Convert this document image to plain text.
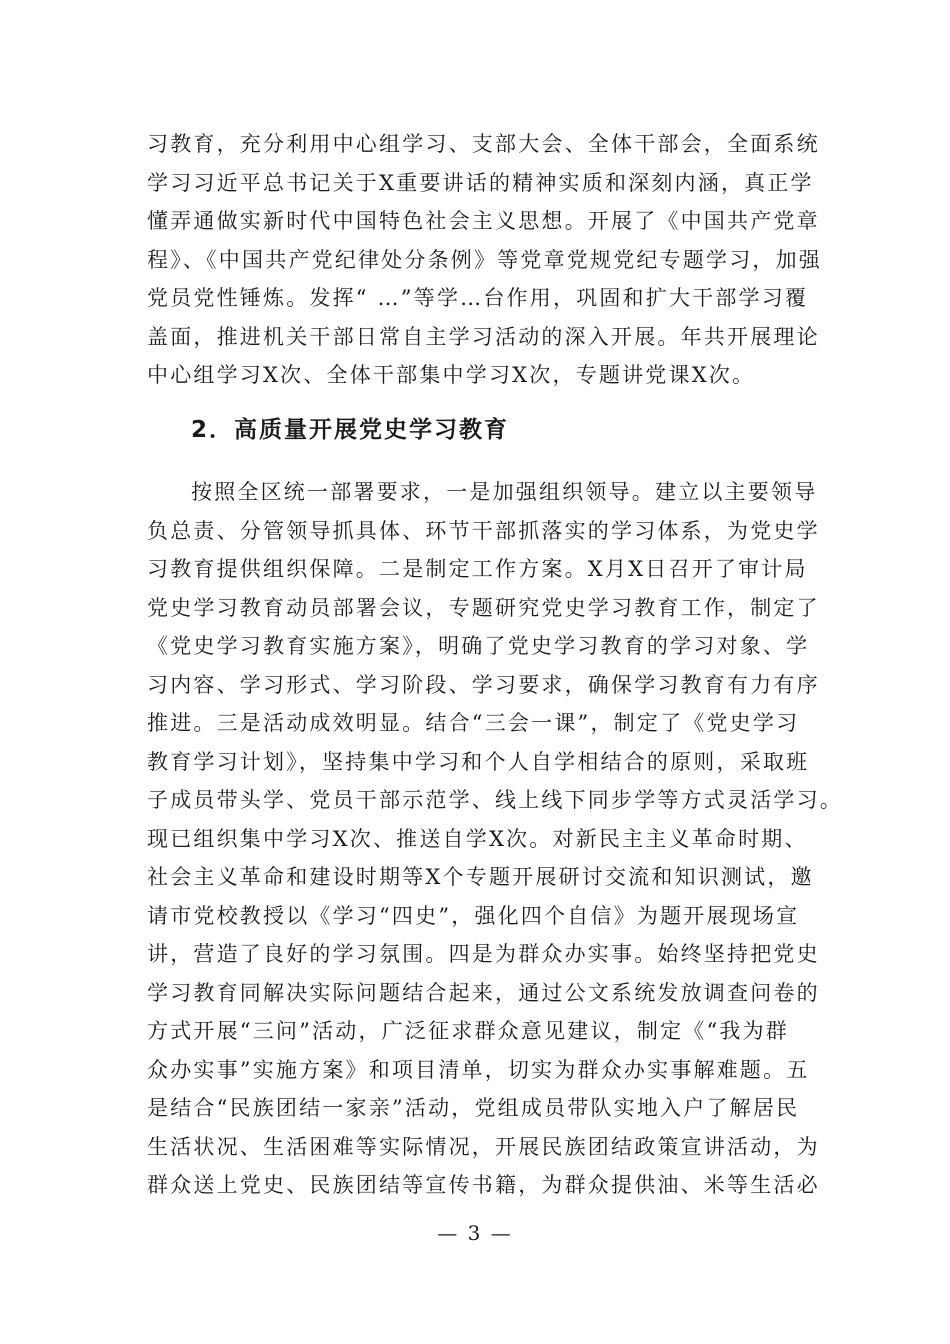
习教育，充分利用中心组学习、支部大会、全体干部会，全面系统
学习习近平总书记关于X重要讲话的精神实质和深刻内涵，真正学
懂弄通做实新时代中国特色社会主义思想。开展了《中国共产党章
程》、《中国共产党纪律处分条例》等党章党规党纪专题学习，加强
党员党性锤炼。发挥“ …”等学…台作用，巩固和扩大干部学习覆
盖面，推进机关干部日常自主学习活动的深入开展。年共开展理论
中心组学习X次、全体干部集中学习X次，专题讲党课X次。
2．高质量开展党史学习教育
按照全区统一部署要求，一是加强组织领导。建立以主要领导
负总责、分管领导抓具体、环节干部抓落实的学习体系，为党史学
习教育提供组织保障。二是制定工作方案。X月X日召开了审计局
党史学习教育动员部署会议，专题研究党史学习教育工作，制定了
《党史学习教育实施方案》，明确了党史学习教育的学习对象、学
习内容、学习形式、学习阶段、学习要求，确保学习教育有力有序
推进。三是活动成效明显。结合“三会一课”，制定了《党史学习
教育学习计划》，坚持集中学习和个人自学相结合的原则，采取班
子成员带头学、党员干部示范学、线上线下同步学等方式灵活学习。
现已组织集中学习X次、推送自学X次。对新民主主义革命时期、
社会主义革命和建设时期等X个专题开展研讨交流和知识测试，邀
请市党校教授以《学习“四史”，强化四个自信》为题开展现场宣
讲，营造了良好的学习氛围。四是为群众办实事。始终坚持把党史
学习教育同解决实际问题结合起来，通过公文系统发放调查问卷的
方式开展“三问”活动，广泛征求群众意见建议，制定《“我为群
众办实事”实施方案》和项目清单，切实为群众办实事解难题。五
是结合“民族团结一家亲”活动，党组成员带队实地入户了解居民
生活状况、生活困难等实际情况，开展民族团结政策宣讲活动，为
群众送上党史、民族团结等宣传书籍，为群众提供油、米等生活必
— 3 —
